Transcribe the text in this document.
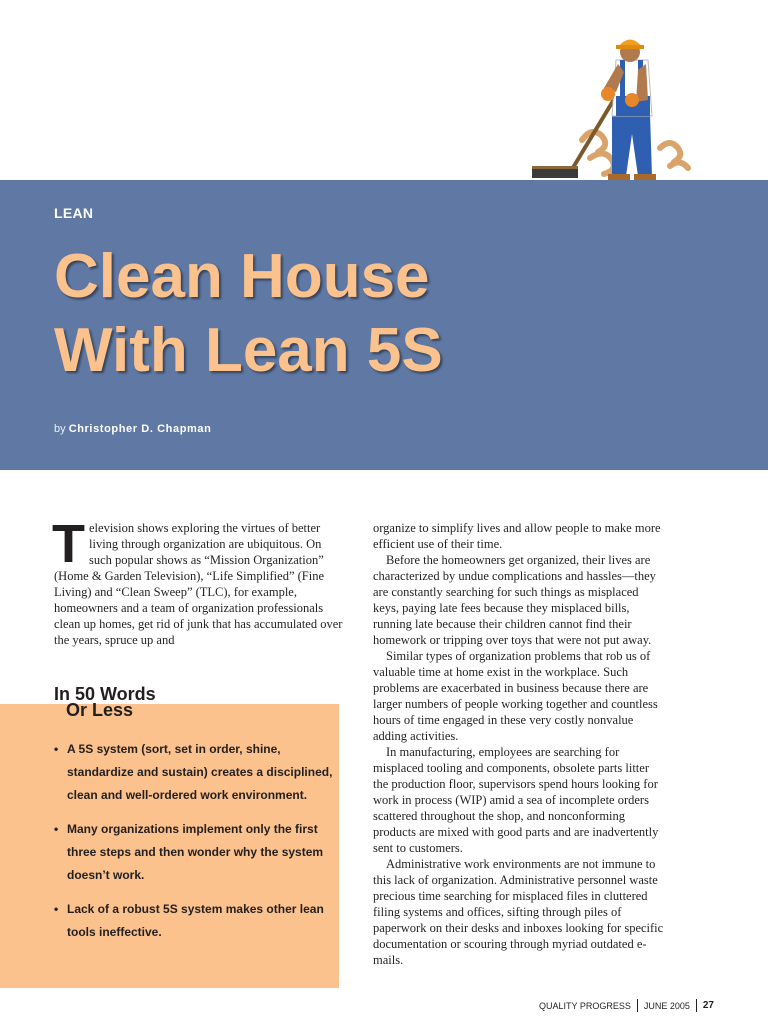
LEAN
Clean House
With Lean 5S
by Christopher D. Chapman
T elevision shows exploring the virtues of better living through organization are ubiquitous. On such popular shows as “Mission Organization” (Home & Garden Television), “Life Simplified” (Fine Living) and “Clean Sweep” (TLC), for example, homeowners and a team of organization professionals clean up homes, get rid of junk that has accumulated over the years, spruce up and

organize to simplify lives and allow people to make more efficient use of their time.

Before the homeowners get organized, their lives are characterized by undue complications and hassles—they are constantly searching for such things as misplaced keys, paying late fees because they misplaced bills, running late because their children cannot find their homework or tripping over toys that were not put away.

Similar types of organization problems that rob us of valuable time at home exist in the workplace. Such problems are exacerbated in business because there are larger numbers of people working together and countless hours of time engaged in these very costly nonvalue adding activities.

In manufacturing, employees are searching for misplaced tooling and components, obsolete parts litter the production floor, supervisors spend hours looking for work in process (WIP) amid a sea of incomplete orders scattered throughout the shop, and nonconforming products are mixed with good parts and are inadvertently sent to customers.

Administrative work environments are not immune to this lack of organization. Administrative personnel waste precious time searching for misplaced files in cluttered filing systems and offices, sifting through piles of paperwork on their desks and inboxes looking for specific documentation or scouring through myriad outdated e-mails.

In 50 Words
Or Less
• A 5S system (sort, set in order, shine, standardize and sustain) creates a disciplined, clean and well-ordered work environment.
• Many organizations implement only the first three steps and then wonder why the system doesn’t work.
• Lack of a robust 5S system makes other lean tools ineffective.
QUALITY PROGRESS JUNE 2005 27
